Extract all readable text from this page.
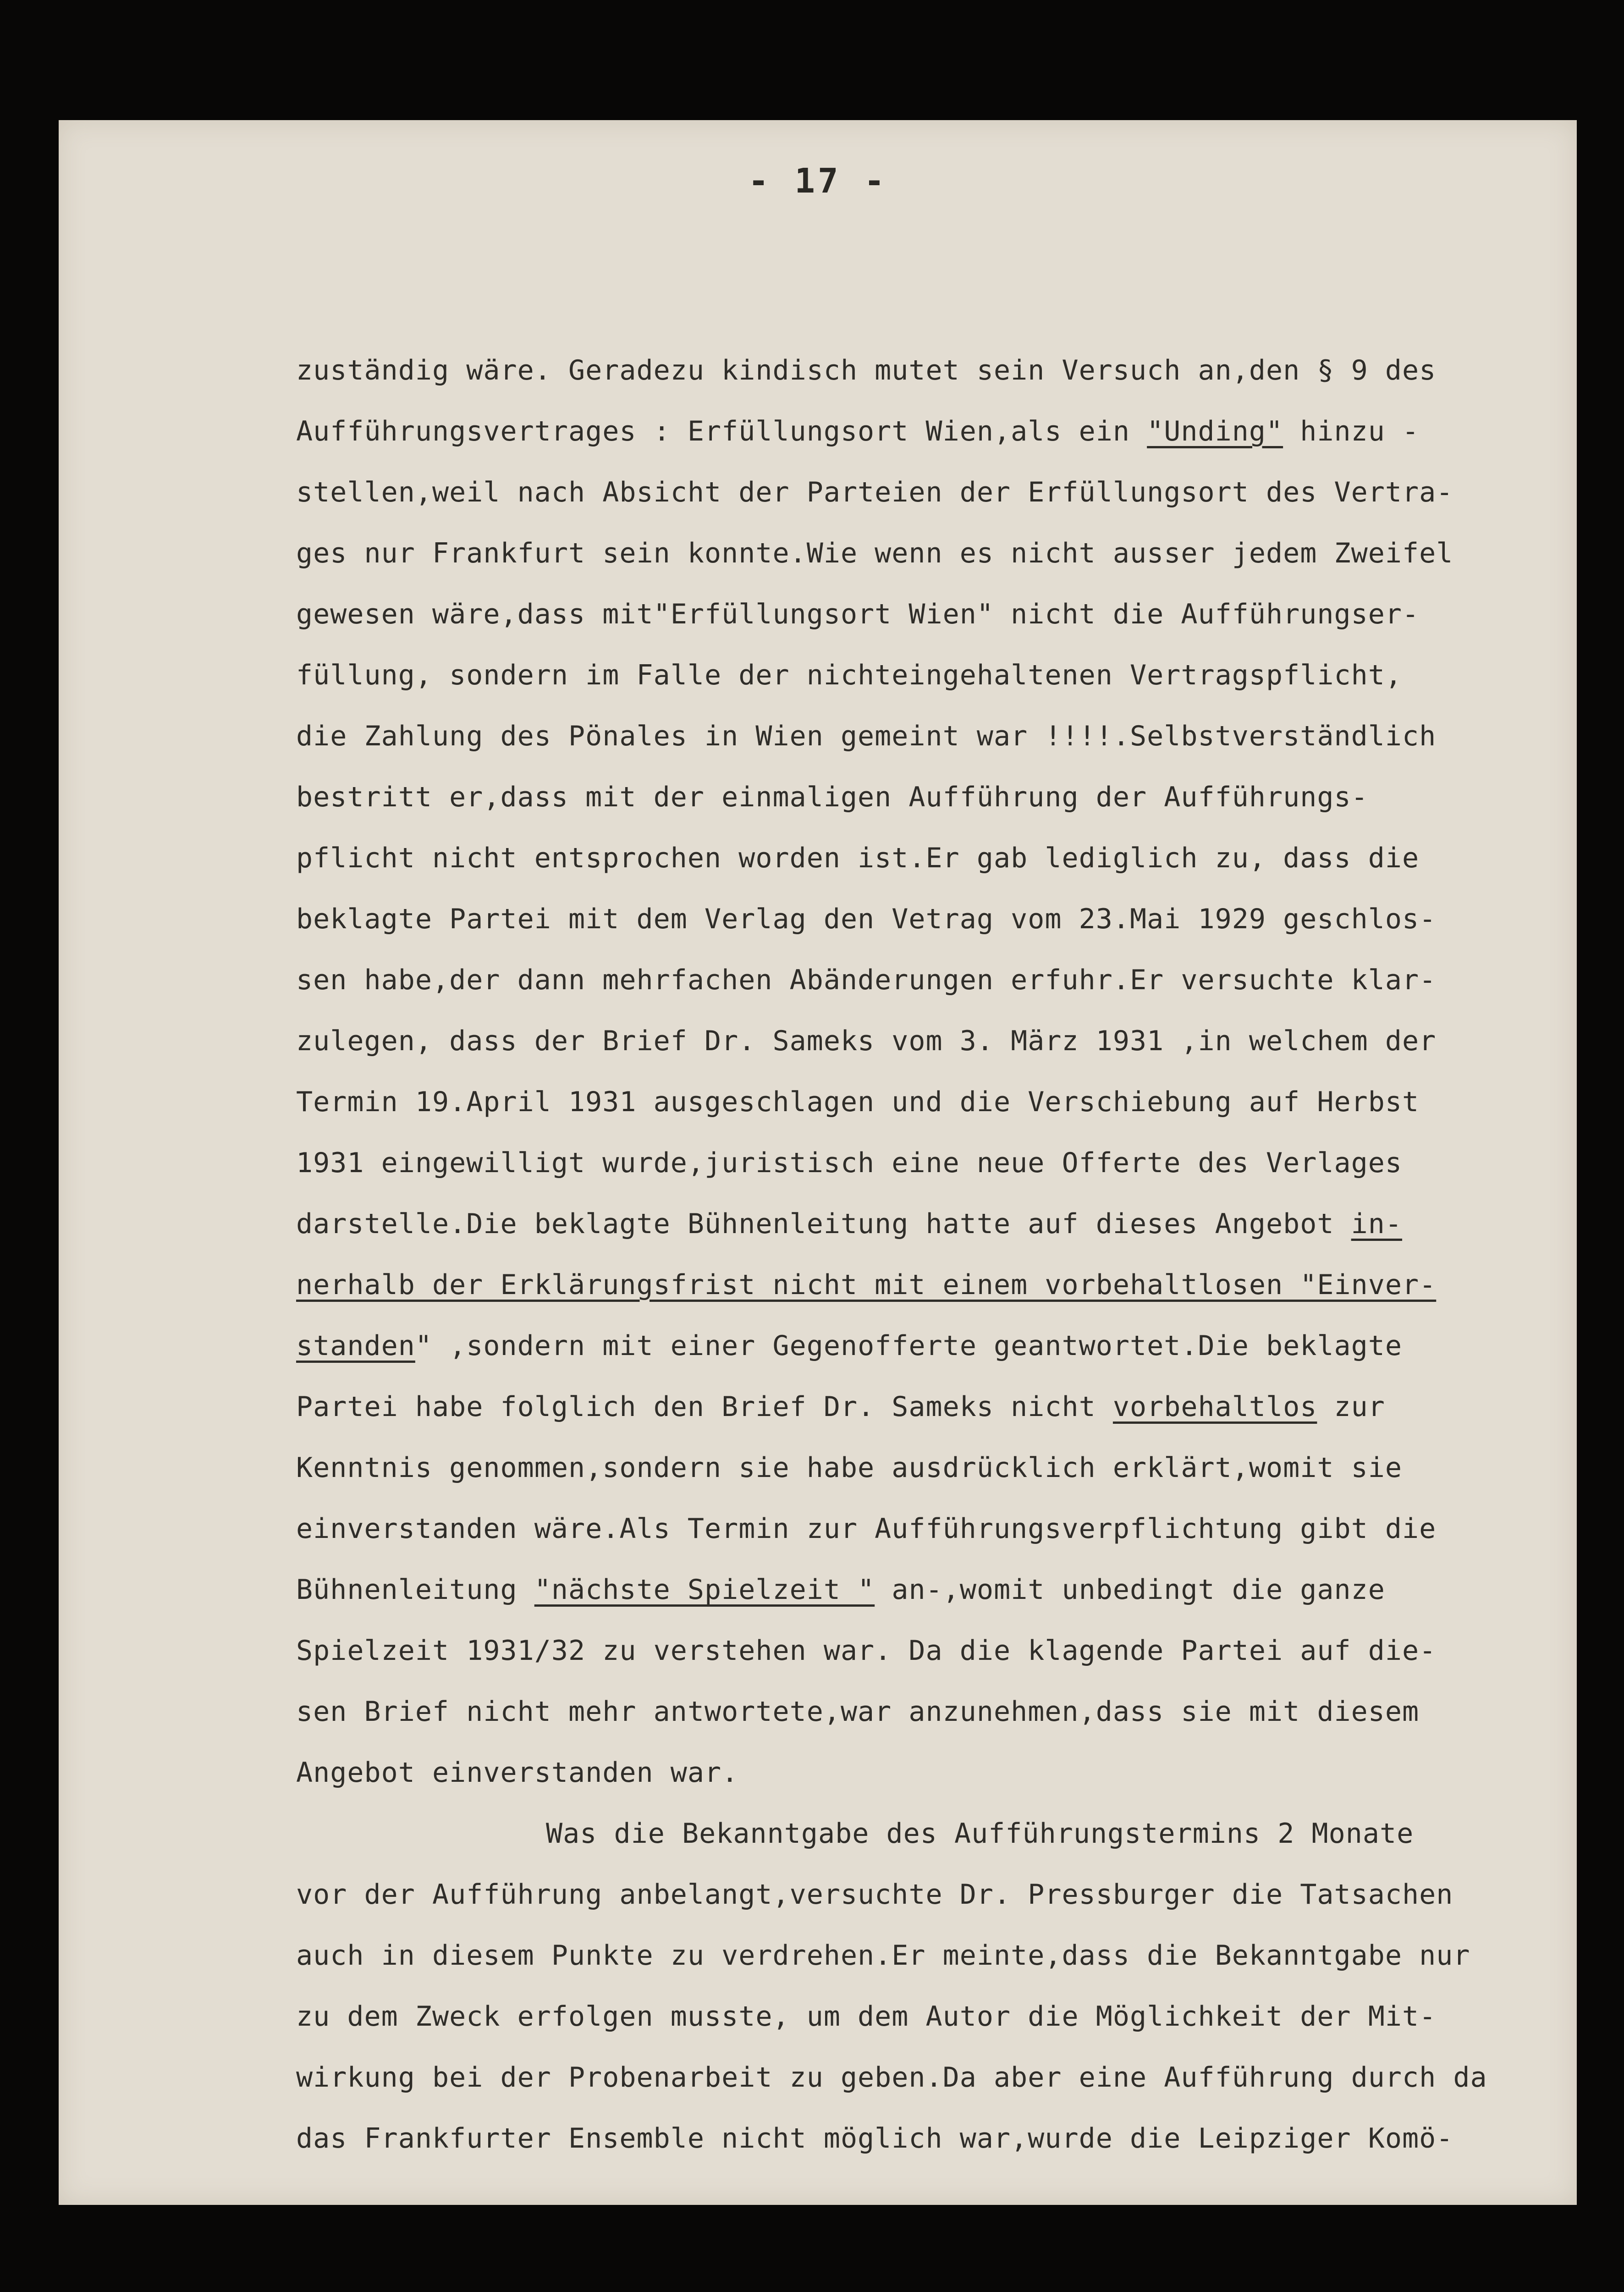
- 17 -
zuständig wäre. Geradezu kindisch mutet sein Versuch an,den § 9 des
Aufführungsvertrages : Erfüllungsort Wien,als ein "Unding" hinzu -
stellen,weil nach Absicht der Parteien der Erfüllungsort des Vertra-
ges nur Frankfurt sein konnte.Wie wenn es nicht ausser jedem Zweifel
gewesen wäre,dass mit"Erfüllungsort Wien" nicht die Aufführungser-
füllung, sondern im Falle der nichteingehaltenen Vertragspflicht,
die Zahlung des Pönales in Wien gemeint war !!!!.Selbstverständlich
bestritt er,dass mit der einmaligen Aufführung der Aufführungs-
pflicht nicht entsprochen worden ist.Er gab lediglich zu, dass die
beklagte Partei mit dem Verlag den Vetrag vom 23.Mai 1929 geschlos-
sen habe,der dann mehrfachen Abänderungen erfuhr.Er versuchte klar-
zulegen, dass der Brief Dr. Sameks vom 3. März 1931 ,in welchem der
Termin 19.April 1931 ausgeschlagen und die Verschiebung auf Herbst
1931 eingewilligt wurde,juristisch eine neue Offerte des Verlages
darstelle.Die beklagte Bühnenleitung hatte auf dieses Angebot in-
nerhalb der Erklärungsfrist nicht mit einem vorbehaltlosen "Einver-
standen" ,sondern mit einer Gegenofferte geantwortet.Die beklagte
Partei habe folglich den Brief Dr. Sameks nicht vorbehaltlos zur
Kenntnis genommen,sondern sie habe ausdrücklich erklärt,womit sie
einverstanden wäre.Als Termin zur Aufführungsverpflichtung gibt die
Bühnenleitung "nächste Spielzeit " an-,womit unbedingt die ganze
Spielzeit 1931/32 zu verstehen war. Da die klagende Partei auf die-
sen Brief nicht mehr antwortete,war anzunehmen,dass sie mit diesem
Angebot einverstanden war.
Was die Bekanntgabe des Aufführungstermins 2 Monate
vor der Aufführung anbelangt,versuchte Dr. Pressburger die Tatsachen
auch in diesem Punkte zu verdrehen.Er meinte,dass die Bekanntgabe nur
zu dem Zweck erfolgen musste, um dem Autor die Möglichkeit der Mit-
wirkung bei der Probenarbeit zu geben.Da aber eine Aufführung durch da
das Frankfurter Ensemble nicht möglich war,wurde die Leipziger Komö-
